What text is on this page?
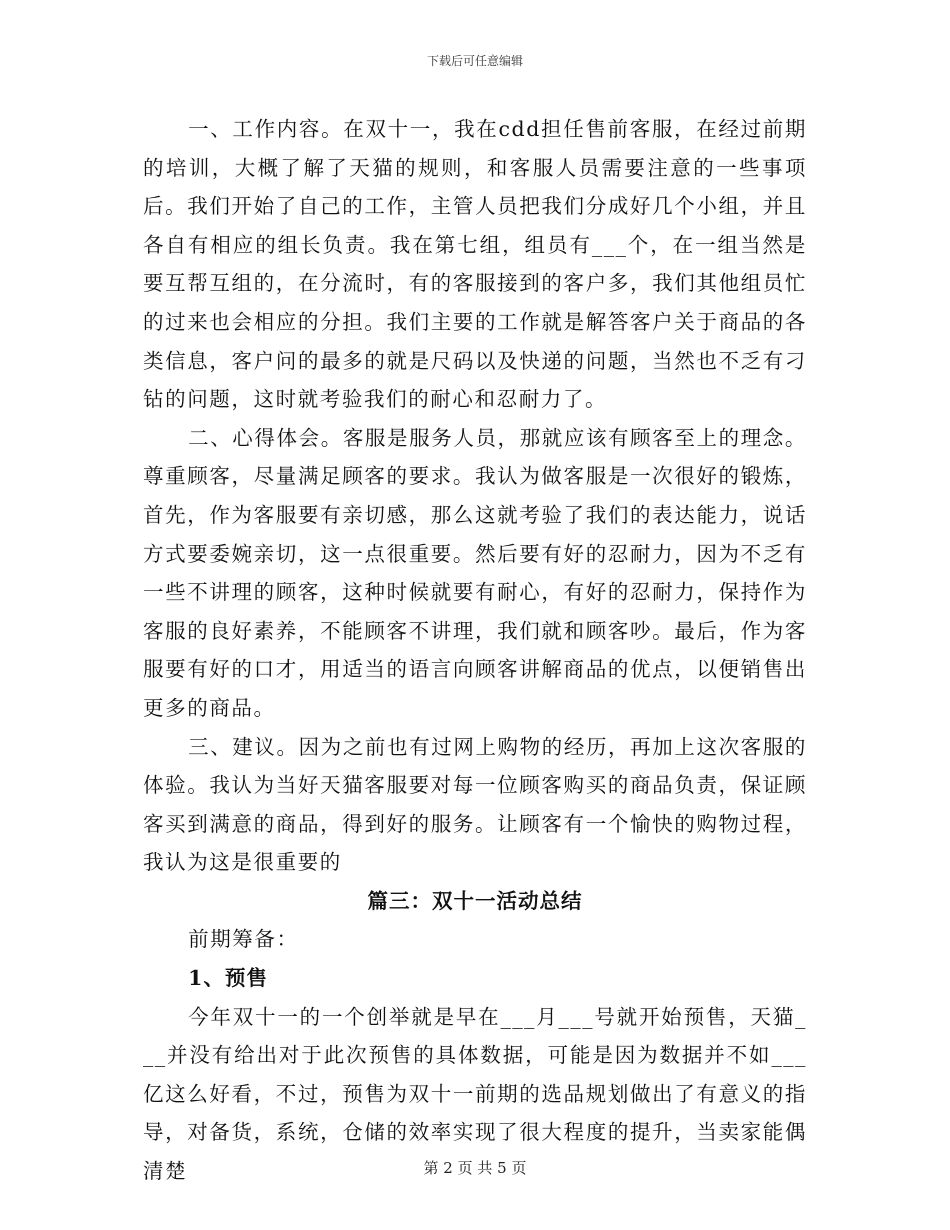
下载后可任意编辑

一、工作内容。在双十一，我在cdd担任售前客服，在经过前期的培训，大概了解了天猫的规则，和客服人员需要注意的一些事项后。我们开始了自己的工作，主管人员把我们分成好几个小组，并且各自有相应的组长负责。我在第七组，组员有___个，在一组当然是要互帮互组的，在分流时，有的客服接到的客户多，我们其他组员忙的过来也会相应的分担。我们主要的工作就是解答客户关于商品的各类信息，客户问的最多的就是尺码以及快递的问题，当然也不乏有刁钻的问题，这时就考验我们的耐心和忍耐力了。

二、心得体会。客服是服务人员，那就应该有顾客至上的理念。尊重顾客，尽量满足顾客的要求。我认为做客服是一次很好的锻炼，首先，作为客服要有亲切感，那么这就考验了我们的表达能力，说话方式要委婉亲切，这一点很重要。然后要有好的忍耐力，因为不乏有一些不讲理的顾客，这种时候就要有耐心，有好的忍耐力，保持作为客服的良好素养，不能顾客不讲理，我们就和顾客吵。最后，作为客服要有好的口才，用适当的语言向顾客讲解商品的优点，以便销售出更多的商品。

三、建议。因为之前也有过网上购物的经历，再加上这次客服的体验。我认为当好天猫客服要对每一位顾客购买的商品负责，保证顾客买到满意的商品，得到好的服务。让顾客有一个愉快的购物过程，我认为这是很重要的

篇三：双十一活动总结

前期筹备：

1、预售

今年双十一的一个创举就是早在___月___号就开始预售，天猫___并没有给出对于此次预售的具体数据，可能是因为数据并不如___亿这么好看，不过，预售为双十一前期的选品规划做出了有意义的指导，对备货，系统，仓储的效率实现了很大程度的提升，当卖家能偶清楚	第 2 页 共 5 页
